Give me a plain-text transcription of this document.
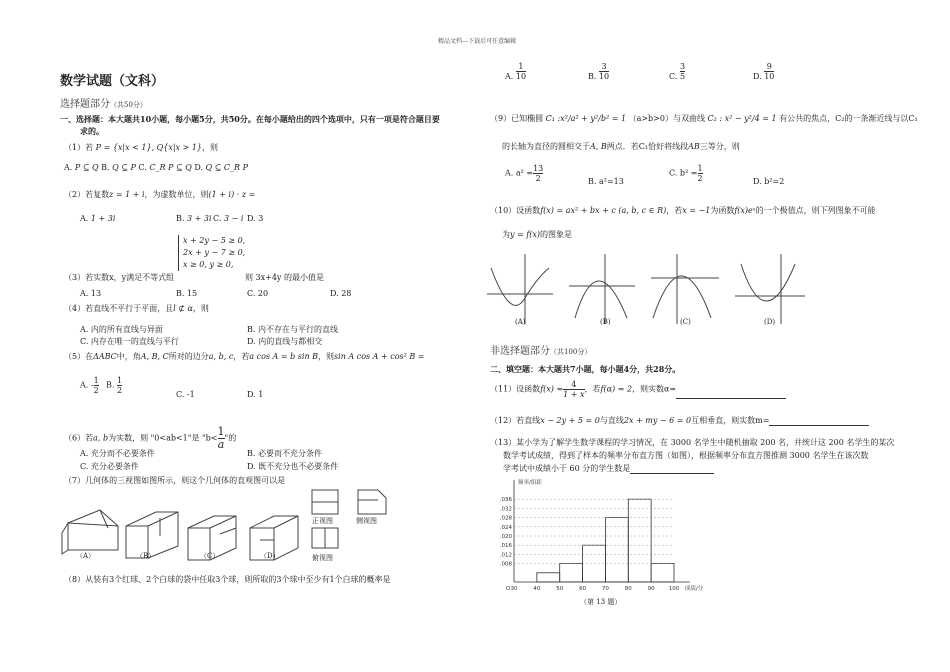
精品文档---下载后可任意编辑
数学试题（文科）
选择题部分（共50分）
一、选择题：本大题共10小题，每小题5分，共50分。在每小题给出的四个选项中，只有一项是符合题目要
求的。
（1）若 P = {x|x < 1}, Q{x|x > 1}，则
A. P ⊆ Q B. Q ⊆ P C. C_R P ⊆ Q D. Q ⊆ C_R P
（2）若复数z = 1 + i，为虚数单位，则(1 + i) · z =
A. 1 + 3i	B. 3 + 3i C. 3 − i D. 3
x + 2y − 5 ≥ 0,
2x + y − 7 ≥ 0,
x ≥ 0, y ≥ 0,
（3）若实数x，y满足不等式组	则 3x+4y 的最小值是
A. 13	B. 15	C. 20	D. 28
（4）若直线不平行于平面，且l ⊄ α，则
A. 内的所有直线与异面	B. 内不存在与平行的直线
C. 内存在唯一的直线与平行	D. 内的直线与都相交
（5）在ΔABC中，角A, B, C所对的边分a, b, c，若a cos A = b sin B，则sin A cos A + cos² B =
A. - $\frac{1}{2} B$. $\frac{1}{2}$	C. -1	D. 1
（6）若a, b为实数，则 "0<ab<1"是 "$b< \frac{1}{a}$ "的
A. 充分而不必要条件	B. 必要而不充分条件
C. 充分必要条件	D. 既不充分也不必要条件
（7）几何体的三视图如图所示，则这个几何体的直观图可以是
（A）	（B）	（C）	（D）
正视图	侧视图
俯视图
（8）从装有3个红球、2个白球的袋中任取3个球，则所取的3个球中至少有1个白球的概率是
A. $\frac{1}{10}$	B. $\frac{3}{10}$	C. $\frac{3}{5}$	D. $\frac{9}{10}$
（9）已知椭圆 C₁ :x²/a² + y²/b² = 1 （a>b>0）与双曲线 C₂ : x² − y²/4 = 1 有公共的焦点，C₂的一条渐近线与以C₁
的长轴为直径的圆相交于A, B两点．若C₁恰好将线段AB三等分，则
A. $a^2 = \frac{13}{2}$	B. a²=13
C. $b^2 = \frac{1}{2}$	D. b²=2
（10）设函数f(x) = ax² + bx + c (a, b, c ∈ R)，若x = −1为函数f(x)eˣ的一个极值点，则下列图象不可能
为y = f(x)的图象是
(A)	(B)	(C)	(D)
非选择题部分（共100分）
二、填空题：本大题共7小题，每小题4分，共28分。
（11）设函数$f(x) = \frac{4}{1 + x}$ ，若f(α) = 2，则实数α=
（12）若直线x − 2y + 5 = 0与直线2x + my − 6 = 0互相垂直，则实数m=
（13）某小学为了解学生数学课程的学习情况，在 3000 名学生中随机抽取 200 名，并统计这 200 名学生的某次
数学考试成绩，得到了样本的频率分布直方图（如图），根据频率分布直方图推测 3000 名学生在该次数
学考试中成绩小于 60 分的学生数是
.008
.012
.016
.020
.024
.028
.032
.036
30	40	50	60	70	80	90	100
O
频率/组距
成绩/分
（第 13 题）
